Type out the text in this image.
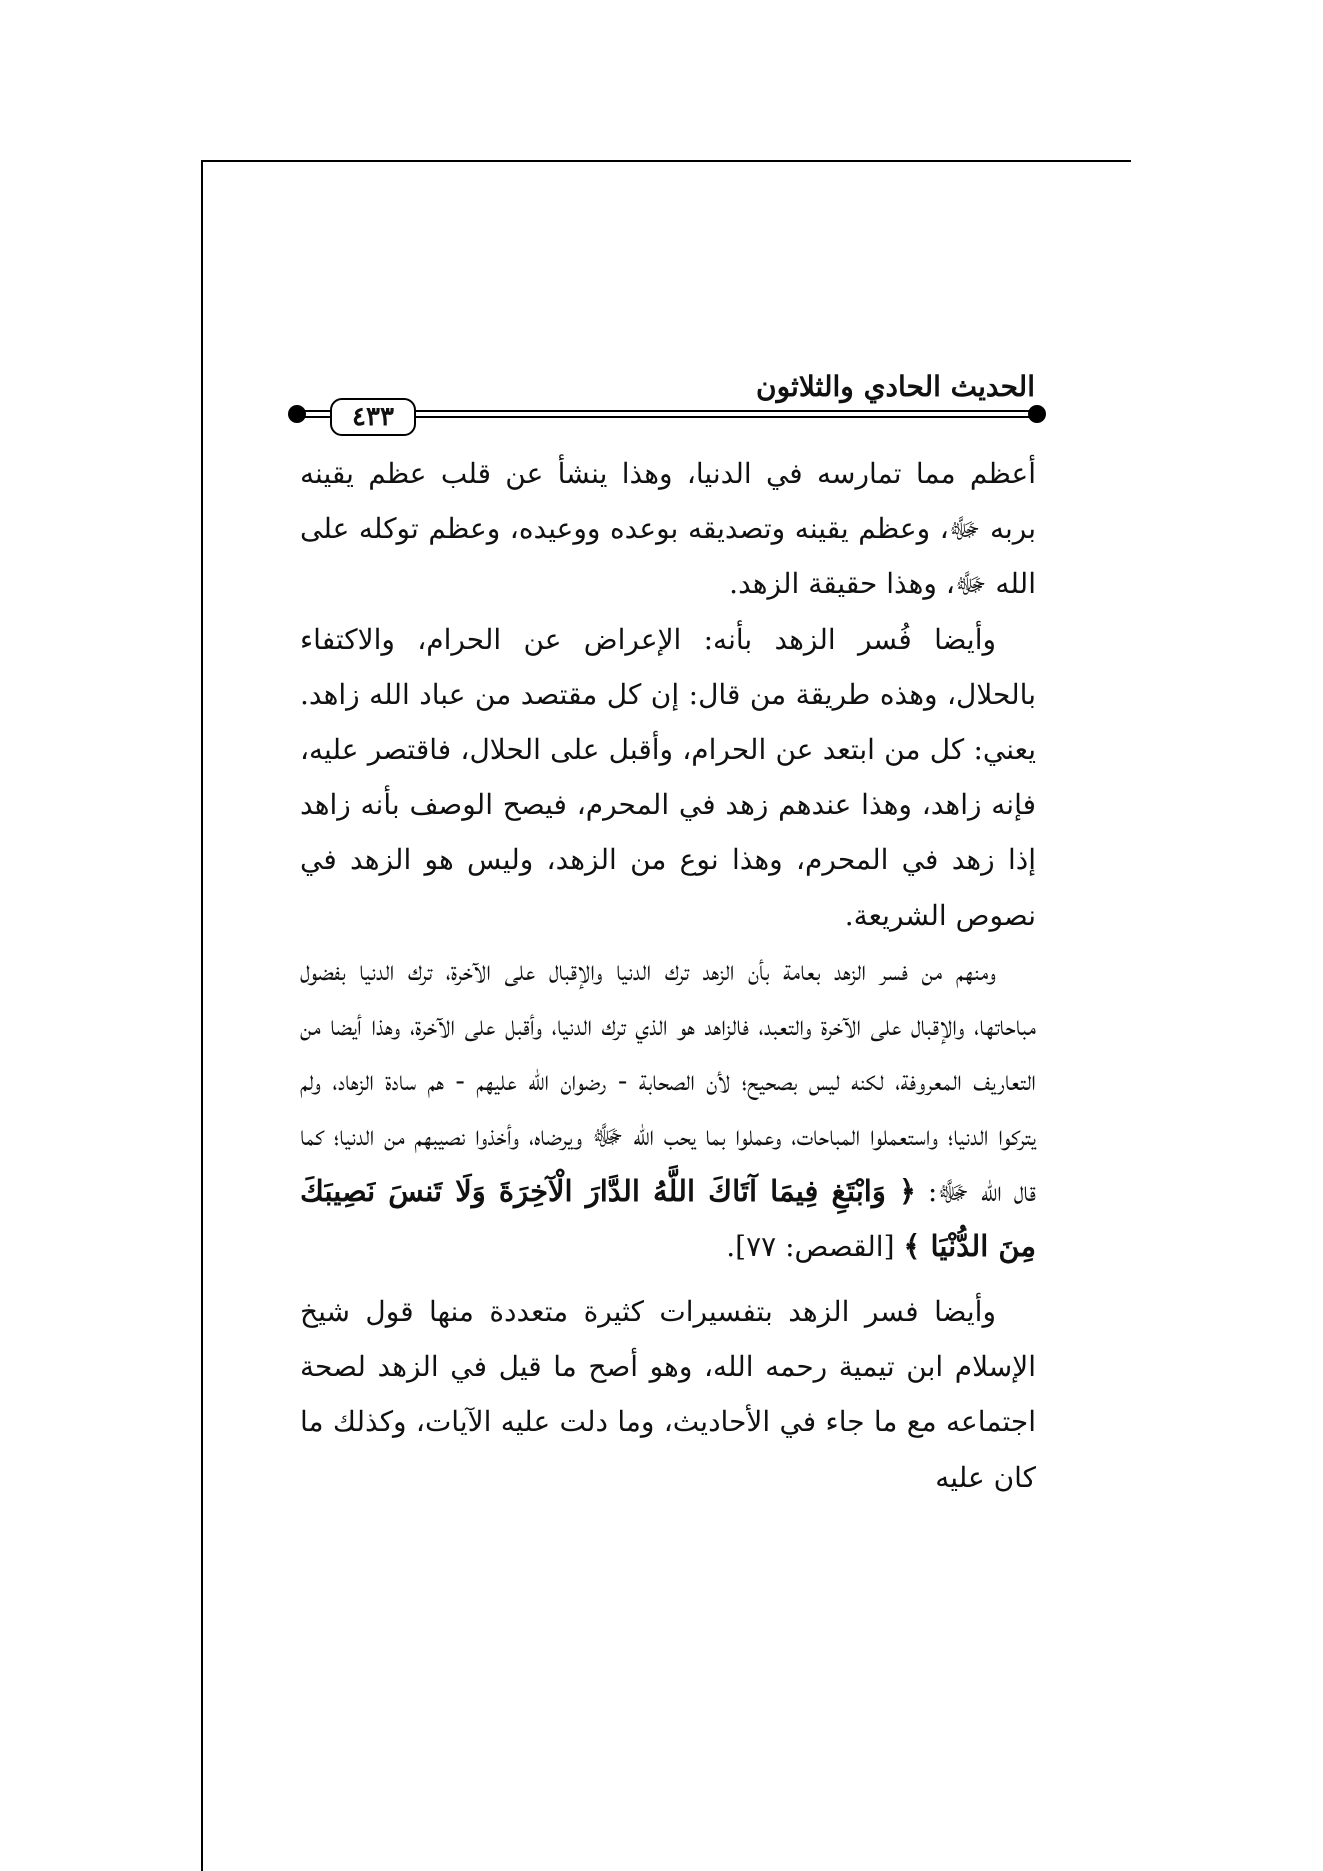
الحديث الحادي والثلاثون
٤٣٣

أعظم مما تمارسه في الدنيا، وهذا ينشأ عن قلب عظم يقينه بربه ﷻ، وعظم يقينه وتصديقه بوعده ووعيده، وعظم توكله على الله ﷻ، وهذا حقيقة الزهد.

وأيضا فُسر الزهد بأنه: الإعراض عن الحرام، والاكتفاء بالحلال، وهذه طريقة من قال: إن كل مقتصد من عباد الله زاهد. يعني: كل من ابتعد عن الحرام، وأقبل على الحلال، فاقتصر عليه، فإنه زاهد، وهذا عندهم زهد في المحرم، فيصح الوصف بأنه زاهد إذا زهد في المحرم، وهذا نوع من الزهد، وليس هو الزهد في نصوص الشريعة.

ومنهم من فسر الزهد بعامة بأن الزهد ترك الدنيا والإقبال على الآخرة، ترك الدنيا بفضول مباحاتها، والإقبال على الآخرة والتعبد، فالزاهد هو الذي ترك الدنيا، وأقبل على الآخرة، وهذا أيضا من التعاريف المعروفة، لكنه ليس بصحيح؛ لأن الصحابة - رضوان الله عليهم - هم سادة الزهاد، ولم يتركوا الدنيا؛ واستعملوا المباحات، وعملوا بما يحب الله ﷻ ويرضاه، وأخذوا نصيبهم من الدنيا؛ كما قال الله ﷻ: ﴿ وَابْتَغِ فِيمَا آتَاكَ اللَّهُ الدَّارَ الْآخِرَةَ وَلَا تَنسَ نَصِيبَكَ مِنَ الدُّنْيَا ﴾ [القصص: ٧٧].

وأيضا فسر الزهد بتفسيرات كثيرة متعددة منها قول شيخ الإسلام ابن تيمية رحمه الله، وهو أصح ما قيل في الزهد لصحة اجتماعه مع ما جاء في الأحاديث، وما دلت عليه الآيات، وكذلك ما كان عليه
